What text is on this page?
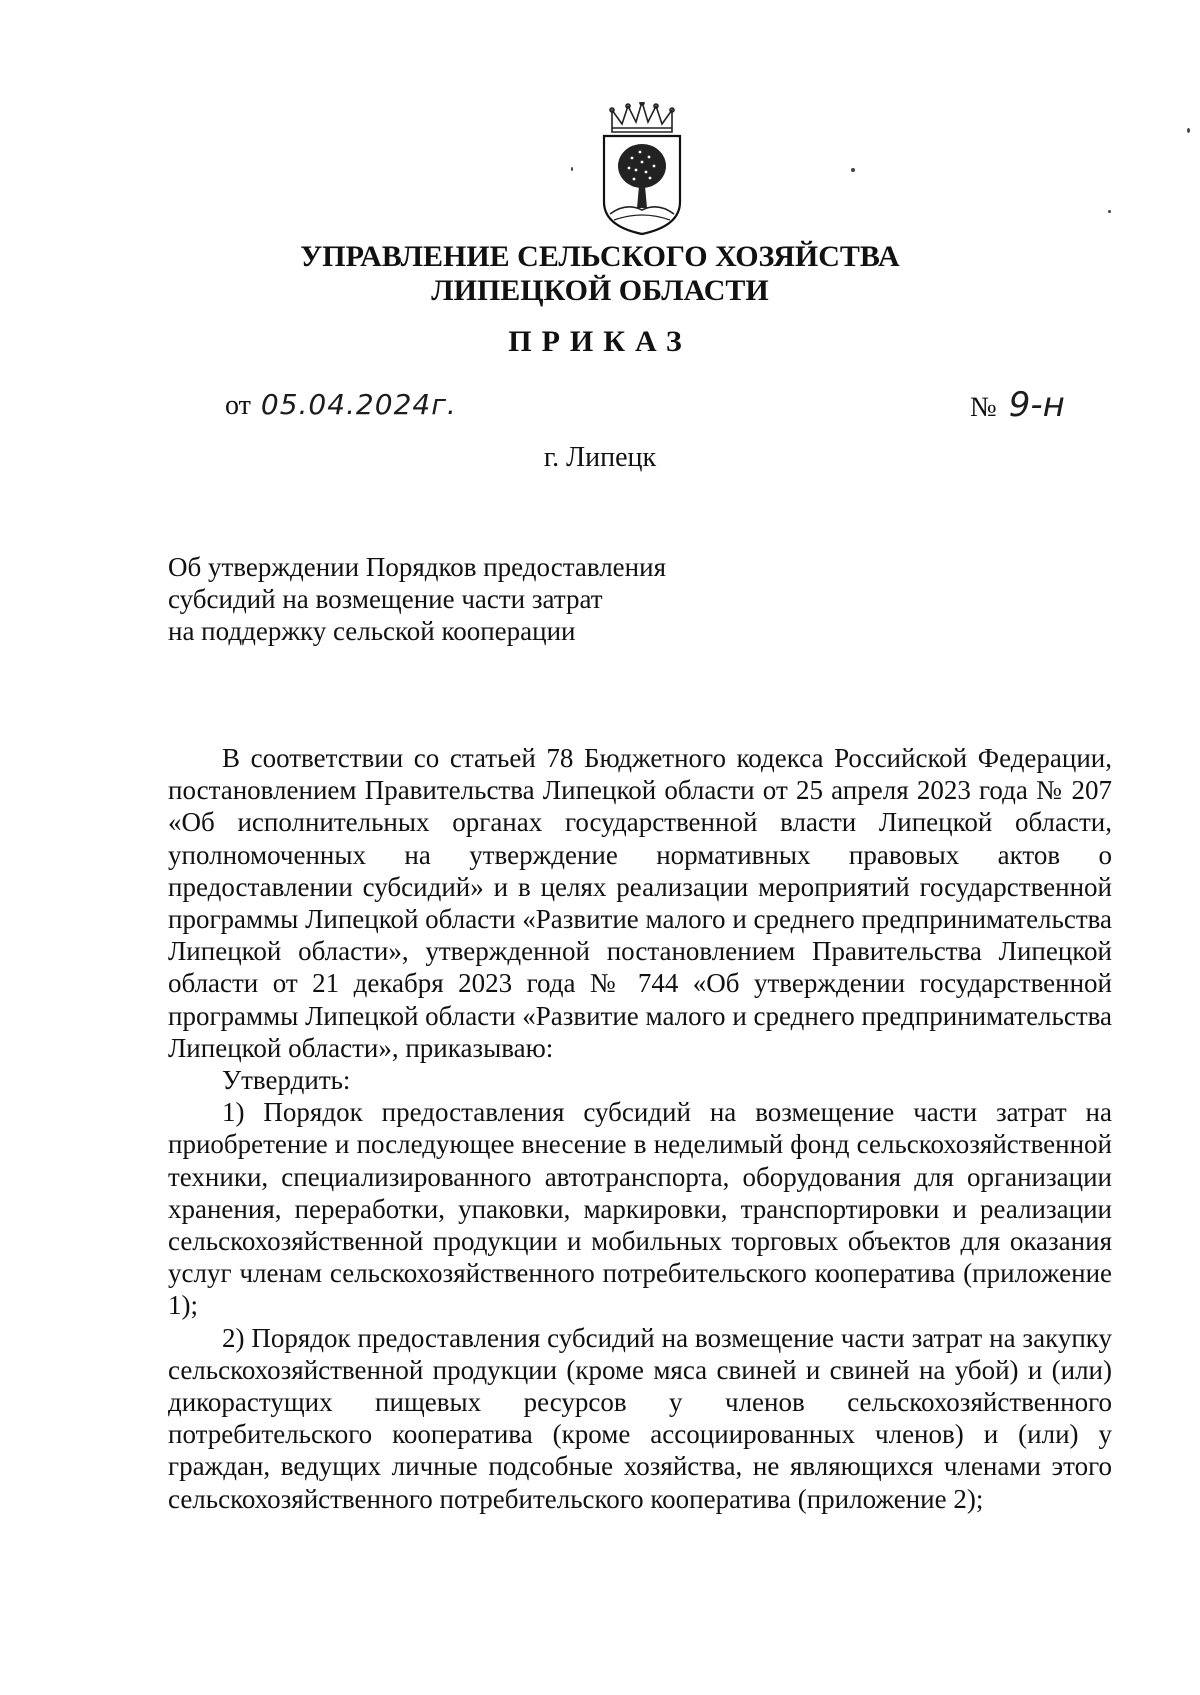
УПРАВЛЕНИЕ СЕЛЬСКОГО ХОЗЯЙСТВА
ЛИПЕЦКОЙ ОБЛАСТИ
ПРИКАЗ
от 05.04.2024г.	№ 9-н
г. Липецк
Об утверждении Порядков предоставления
субсидий на возмещение части затрат
на поддержку сельской кооперации

В соответствии со статьей 78 Бюджетного кодекса Российской Федерации, постановлением Правительства Липецкой области от 25 апреля 2023 года № 207 «Об исполнительных органах государственной власти Липецкой области, уполномоченных на утверждение нормативных правовых актов о предоставлении субсидий» и в целях реализации мероприятий государственной программы Липецкой области «Развитие малого и среднего предпринимательства Липецкой области», утвержденной постановлением Правительства Липецкой области от 21 декабря 2023 года № 744 «Об утверждении государственной программы Липецкой области «Развитие малого и среднего предпринимательства Липецкой области», приказываю:

Утвердить:

1) Порядок предоставления субсидий на возмещение части затрат на приобретение и последующее внесение в неделимый фонд сельскохозяйственной техники, специализированного автотранспорта, оборудования для организации хранения, переработки, упаковки, маркировки, транспортировки и реализации сельскохозяйственной продукции и мобильных торговых объектов для оказания услуг членам сельскохозяйственного потребительского кооператива (приложение 1);

2) Порядок предоставления субсидий на возмещение части затрат на закупку сельскохозяйственной продукции (кроме мяса свиней и свиней на убой) и (или) дикорастущих пищевых ресурсов у членов сельскохозяйственного потребительского кооператива (кроме ассоциированных членов) и (или) у граждан, ведущих личные подсобные хозяйства, не являющихся членами этого сельскохозяйственного потребительского кооператива (приложение 2);
